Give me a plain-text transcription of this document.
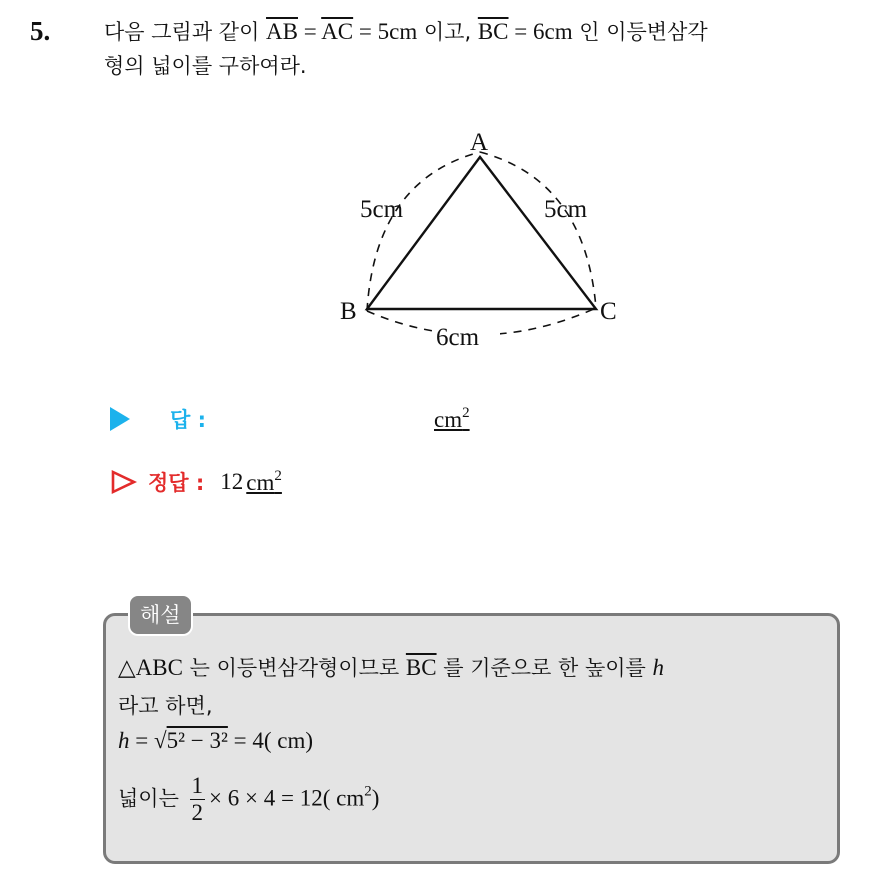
5.	다음 그림과 같이 $\overline{AB} = \overline{AC} = 5cm$ 이고, $\overline{BC} = 6cm$ 인 이등변삼각
형의 넓이를 구하여라.
A
B	C
5cm	5cm
6cm
답 :	$cm^2$
정답 : 12 $cm^2$
해설
△ABC 는 이등변삼각형이므로 $\overline{BC}$ 를 기준으로 한 높이를 h
라고 하면,
h = √5² − 3² = 4( cm)
넓이는 $\frac{1}{2} \times 6 \times 4 = 12$( $cm^2$)
